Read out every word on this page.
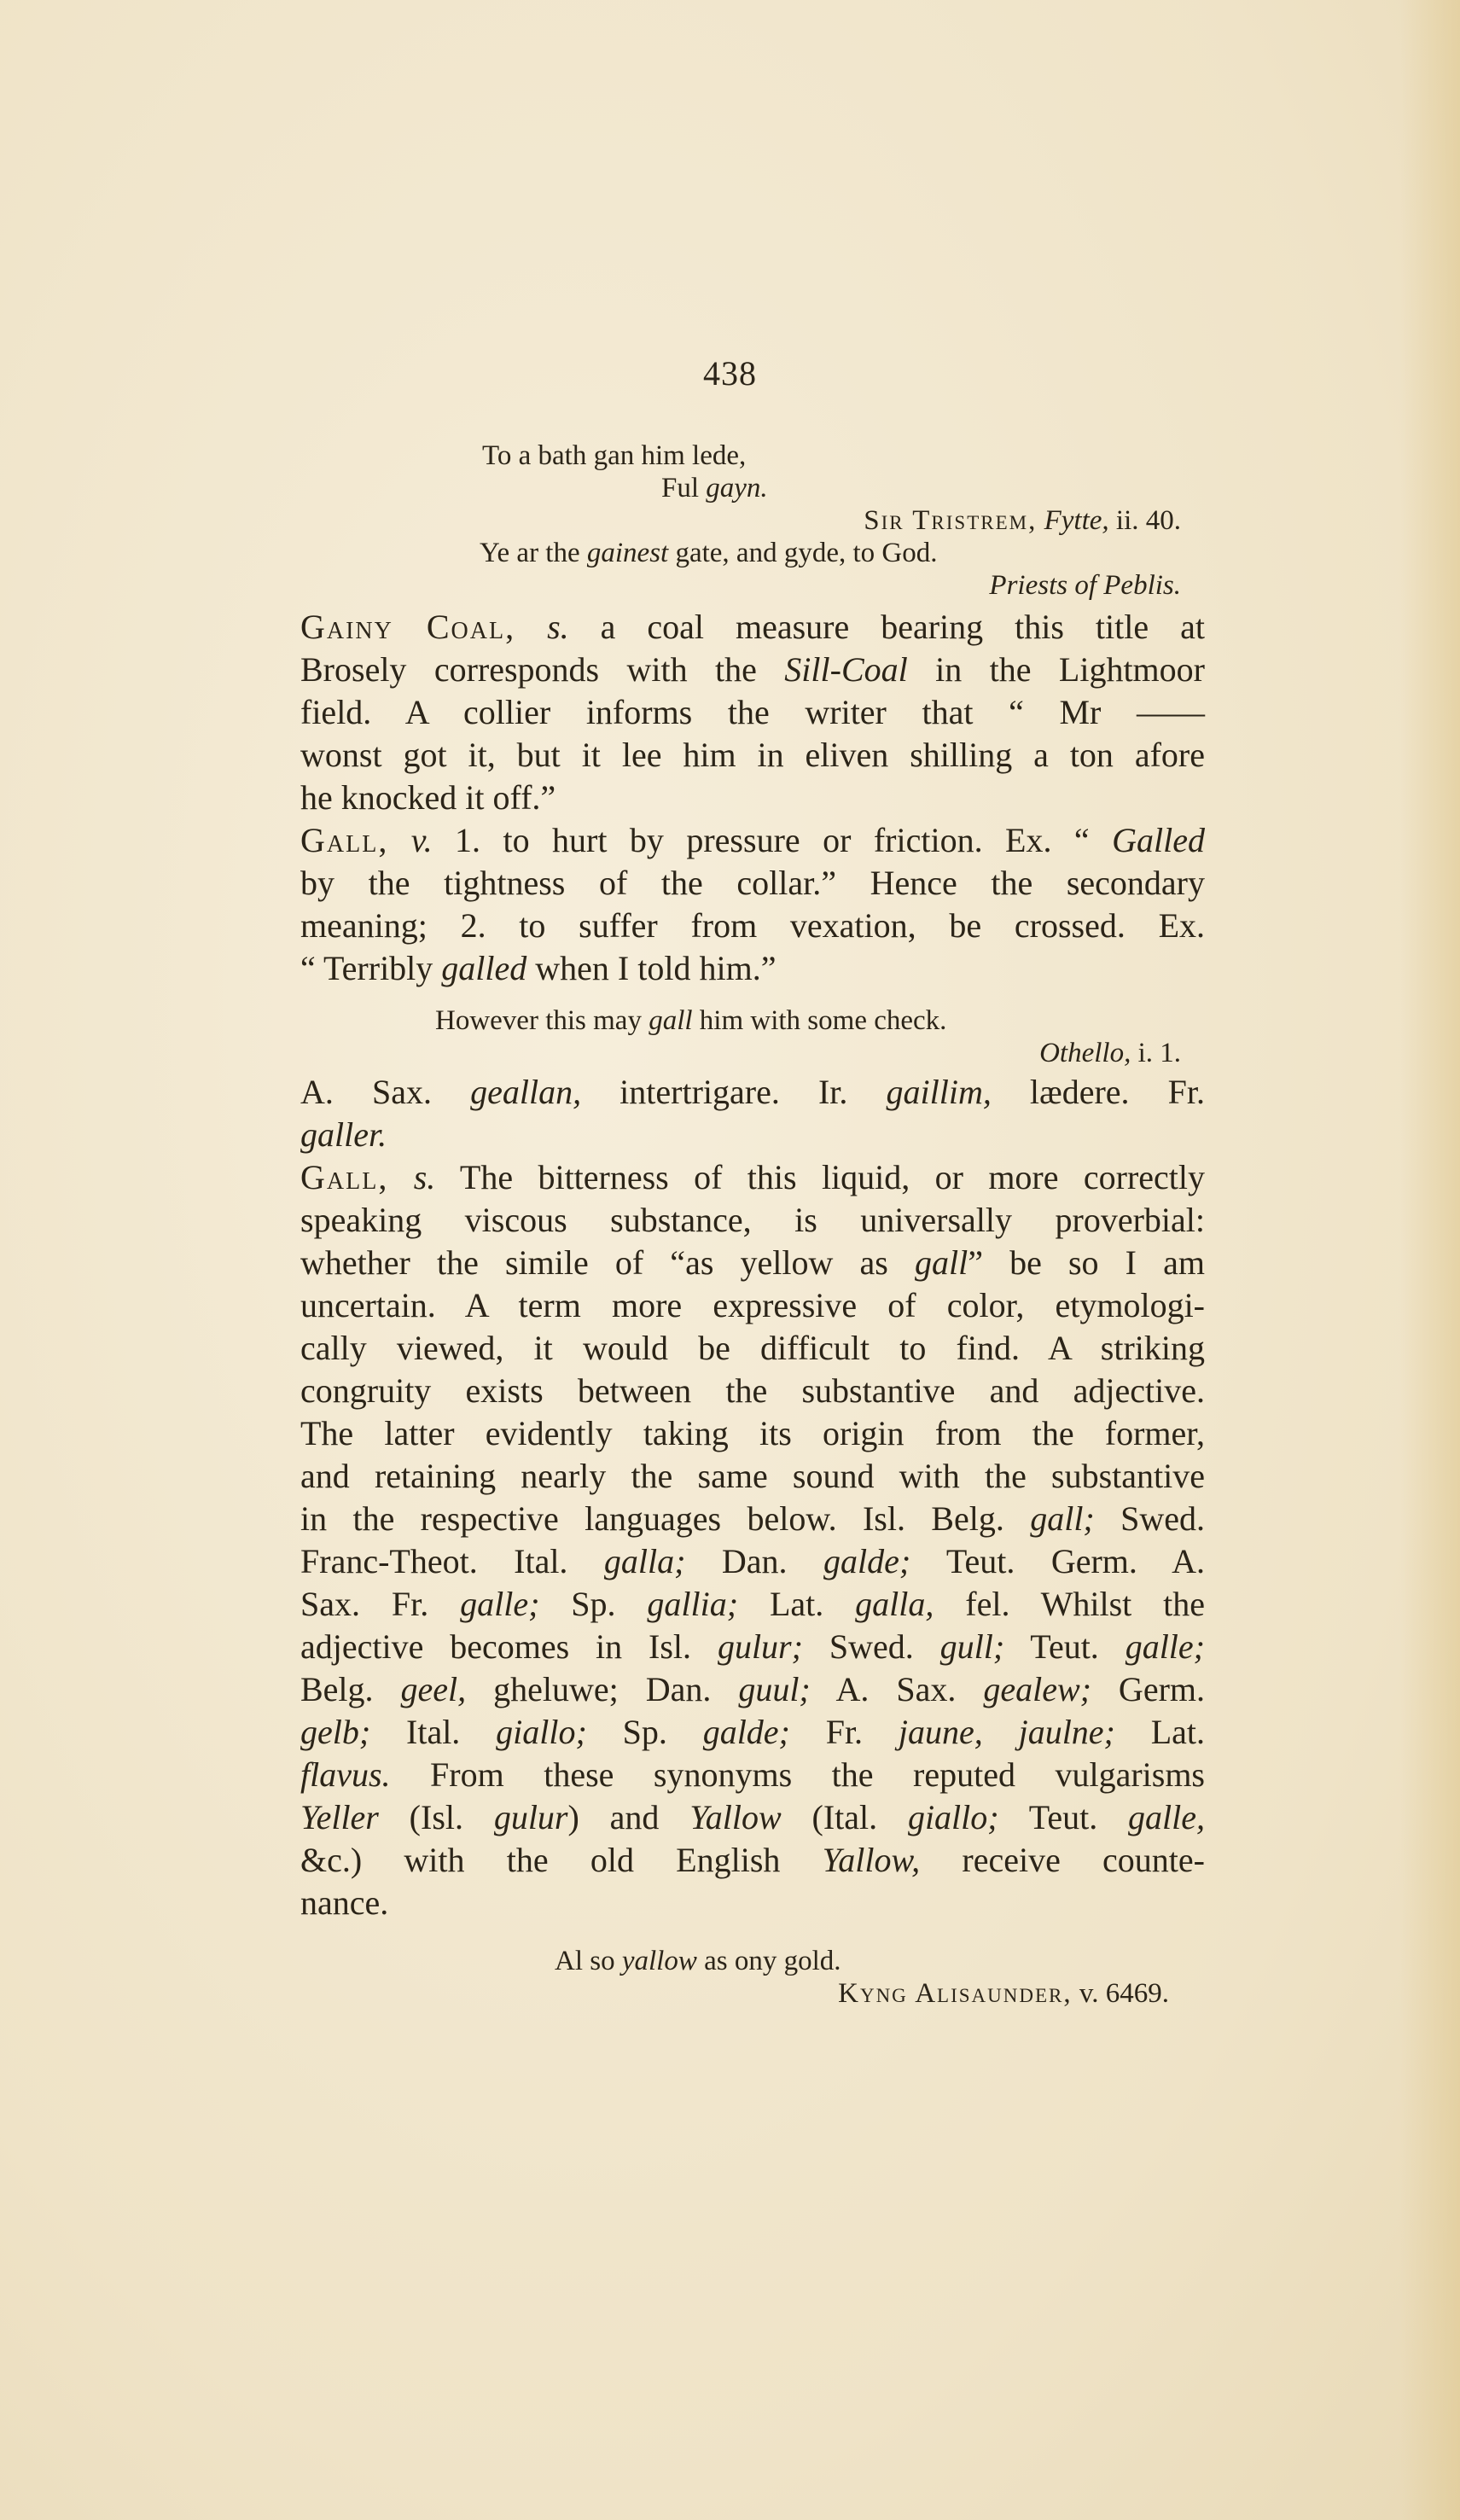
438
To a bath gan him lede,
Ful gayn.
Sir Tristrem, Fytte, ii. 40.
Ye ar the gainest gate, and gyde, to God.
Priests of Peblis.
Gainy Coal, s. a coal measure bearing this title at
Brosely corresponds with the Sill-Coal in the Lightmoor
field. A collier informs the writer that “ Mr ——
wonst got it, but it lee him in eliven shilling a ton afore
he knocked it off.”
Gall, v. 1. to hurt by pressure or friction. Ex. “ Galled
by the tightness of the collar.” Hence the secondary
meaning; 2. to suffer from vexation, be crossed. Ex.
“ Terribly galled when I told him.”
However this may gall him with some check.
Othello, i. 1.
A. Sax. geallan, intertrigare. Ir. gaillim, lædere. Fr.
galler.
Gall, s. The bitterness of this liquid, or more correctly
speaking viscous substance, is universally proverbial:
whether the simile of “as yellow as gall” be so I am
uncertain. A term more expressive of color, etymologi-
cally viewed, it would be difficult to find. A striking
congruity exists between the substantive and adjective.
The latter evidently taking its origin from the former,
and retaining nearly the same sound with the substantive
in the respective languages below. Isl. Belg. gall; Swed.
Franc-Theot. Ital. galla; Dan. galde; Teut. Germ. A.
Sax. Fr. galle; Sp. gallia; Lat. galla, fel. Whilst the
adjective becomes in Isl. gulur; Swed. gull; Teut. galle;
Belg. geel, gheluwe; Dan. guul; A. Sax. gealew; Germ.
gelb; Ital. giallo; Sp. galde; Fr. jaune, jaulne; Lat.
flavus. From these synonyms the reputed vulgarisms
Yeller (Isl. gulur) and Yallow (Ital. giallo; Teut. galle,
&c.) with the old English Yallow, receive counte-
nance.
Al so yallow as ony gold.
Kyng Alisaunder, v. 6469.
